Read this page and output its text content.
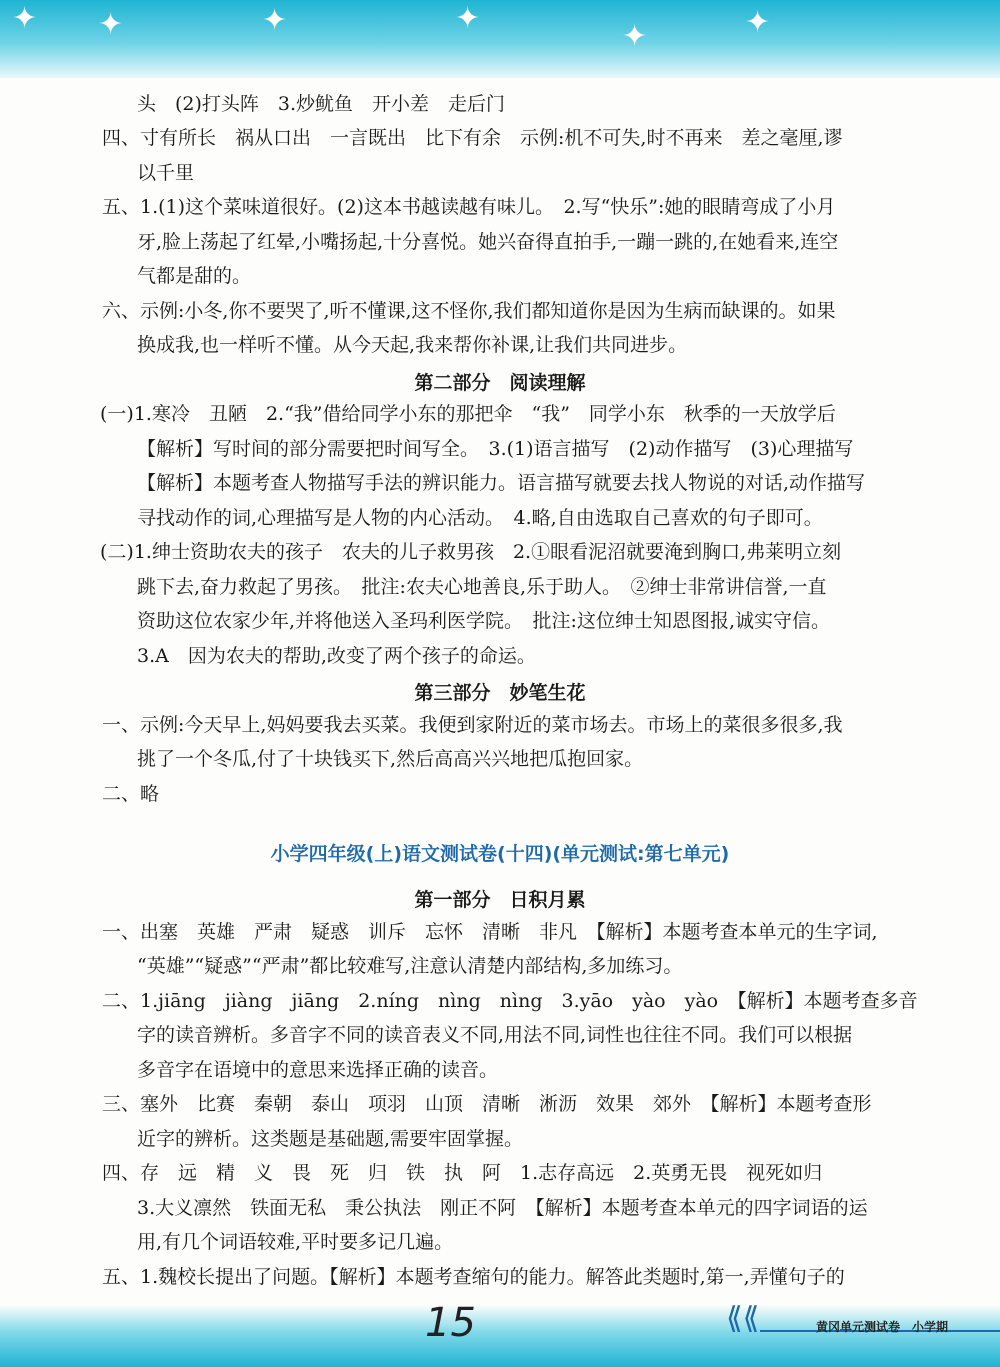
✦ ✦	✦	✦
✦	✦
头　(2)打头阵　3.炒鱿鱼　开小差　走后门
四、寸有所长　祸从口出　一言既出　比下有余　示例:机不可失,时不再来　差之毫厘,谬
以千里
五、1.(1)这个菜味道很好。(2)这本书越读越有味儿。　2.写“快乐”:她的眼睛弯成了小月
牙,脸上荡起了红晕,小嘴扬起,十分喜悦。她兴奋得直拍手,一蹦一跳的,在她看来,连空
气都是甜的。
六、示例:小冬,你不要哭了,听不懂课,这不怪你,我们都知道你是因为生病而缺课的。如果
换成我,也一样听不懂。从今天起,我来帮你补课,让我们共同进步。
第二部分　阅读理解
(一)1.寒冷　丑陋　2.“我”借给同学小东的那把伞　“我”　同学小东　秋季的一天放学后
【解析】写时间的部分需要把时间写全。　3.(1)语言描写　(2)动作描写　(3)心理描写
【解析】本题考查人物描写手法的辨识能力。语言描写就要去找人物说的对话,动作描写
寻找动作的词,心理描写是人物的内心活动。　4.略,自由选取自己喜欢的句子即可。
(二)1.绅士资助农夫的孩子　农夫的儿子救男孩　2.①眼看泥沼就要淹到胸口,弗莱明立刻
跳下去,奋力救起了男孩。　批注:农夫心地善良,乐于助人。　②绅士非常讲信誉,一直
资助这位农家少年,并将他送入圣玛利医学院。　批注:这位绅士知恩图报,诚实守信。
3.A　因为农夫的帮助,改变了两个孩子的命运。
第三部分　妙笔生花
一、示例:今天早上,妈妈要我去买菜。我便到家附近的菜市场去。市场上的菜很多很多,我
挑了一个冬瓜,付了十块钱买下,然后高高兴兴地把瓜抱回家。
二、略
小学四年级(上)语文测试卷(十四)(单元测试:第七单元)
第一部分　日积月累
一、出塞　英雄　严肃　疑惑　训斥　忘怀　清晰　非凡　【解析】本题考查本单元的生字词,
“英雄”“疑惑”“严肃”都比较难写,注意认清楚内部结构,多加练习。
二、1.jiāng　jiàng　jiāng　2.níng　nìng　nìng　3.yāo　yào　yào　【解析】本题考查多音
字的读音辨析。多音字不同的读音表义不同,用法不同,词性也往往不同。我们可以根据
多音字在语境中的意思来选择正确的读音。
三、塞外　比赛　秦朝　泰山　项羽　山顶　清晰　淅沥　效果　郊外　【解析】本题考查形
近字的辨析。这类题是基础题,需要牢固掌握。
四、存　远　精　义　畏　死　归　铁　执　阿　1.志存高远　2.英勇无畏　视死如归
3.大义凛然　铁面无私　秉公执法　刚正不阿　【解析】本题考查本单元的四字词语的运
用,有几个词语较难,平时要多记几遍。
五、1.魏校长提出了问题。【解析】本题考查缩句的能力。解答此类题时,第一,弄懂句子的
15	⟪⟪	黄冈单元测试卷　小学期
